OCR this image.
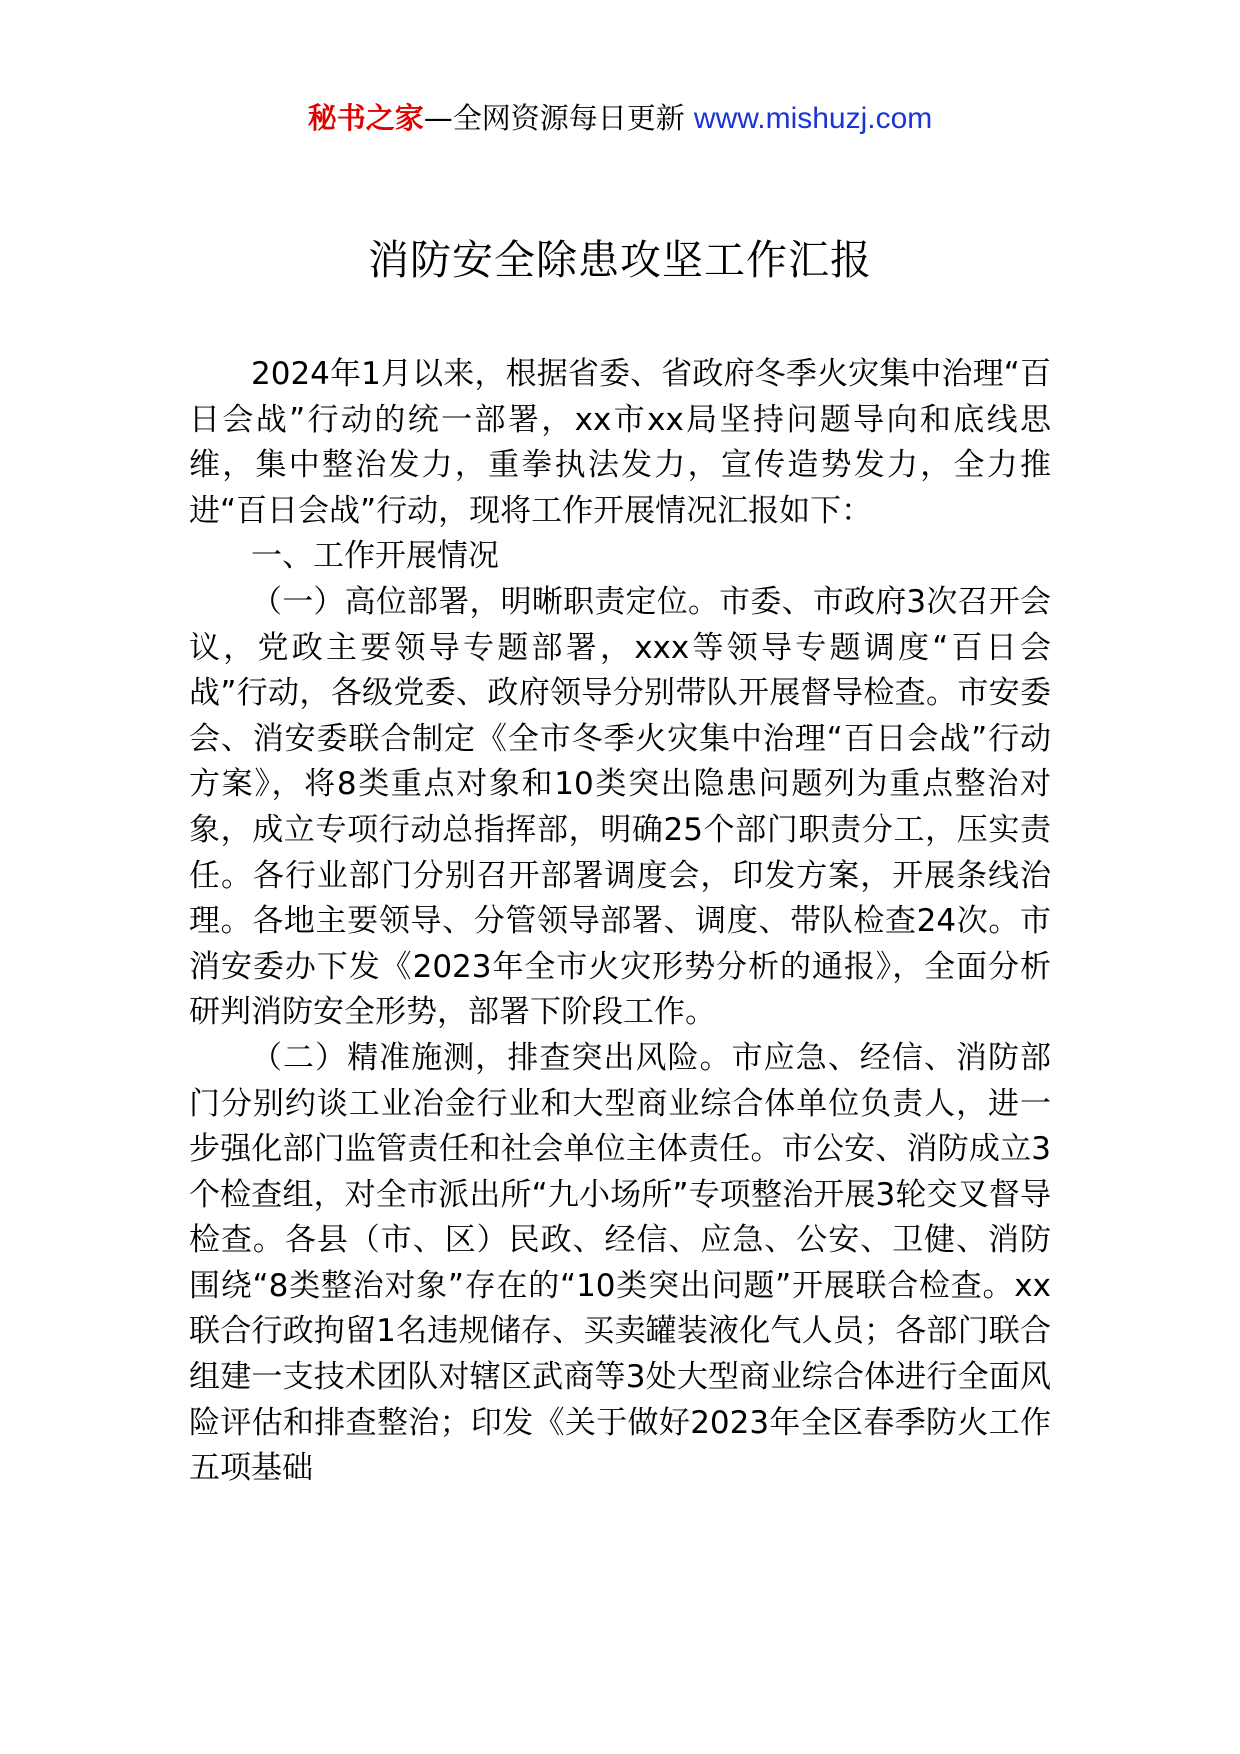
秘书之家—全网资源每日更新 www.mishuzj.com
消防安全除患攻坚工作汇报

2024年1月以来，根据省委、省政府冬季火灾集中治理“百日会战”行动的统一部署，xx市xx局坚持问题导向和底线思维，集中整治发力，重拳执法发力，宣传造势发力，全力推进“百日会战”行动，现将工作开展情况汇报如下：

一、工作开展情况

（一）高位部署，明晰职责定位。市委、市政府3次召开会议，党政主要领导专题部署，xxx等领导专题调度“百日会战”行动，各级党委、政府领导分别带队开展督导检查。市安委会、消安委联合制定《全市冬季火灾集中治理“百日会战”行动方案》，将8类重点对象和10类突出隐患问题列为重点整治对象，成立专项行动总指挥部，明确25个部门职责分工，压实责任。各行业部门分别召开部署调度会，印发方案，开展条线治理。各地主要领导、分管领导部署、调度、带队检查24次。市消安委办下发《2023年全市火灾形势分析的通报》，全面分析研判消防安全形势，部署下阶段工作。

（二）精准施测，排查突出风险。市应急、经信、消防部门分别约谈工业冶金行业和大型商业综合体单位负责人，进一步强化部门监管责任和社会单位主体责任。市公安、消防成立3个检查组，对全市派出所“九小场所”专项整治开展3轮交叉督导检查。各县（市、区）民政、经信、应急、公安、卫健、消防围绕“8类整治对象”存在的“10类突出问题”开展联合检查。xx联合行政拘留1名违规储存、买卖罐装液化气人员；各部门联合组建一支技术团队对辖区武商等3处大型商业综合体进行全面风险评估和排查整治；印发《关于做好2023年全区春季防火工作五项基础
